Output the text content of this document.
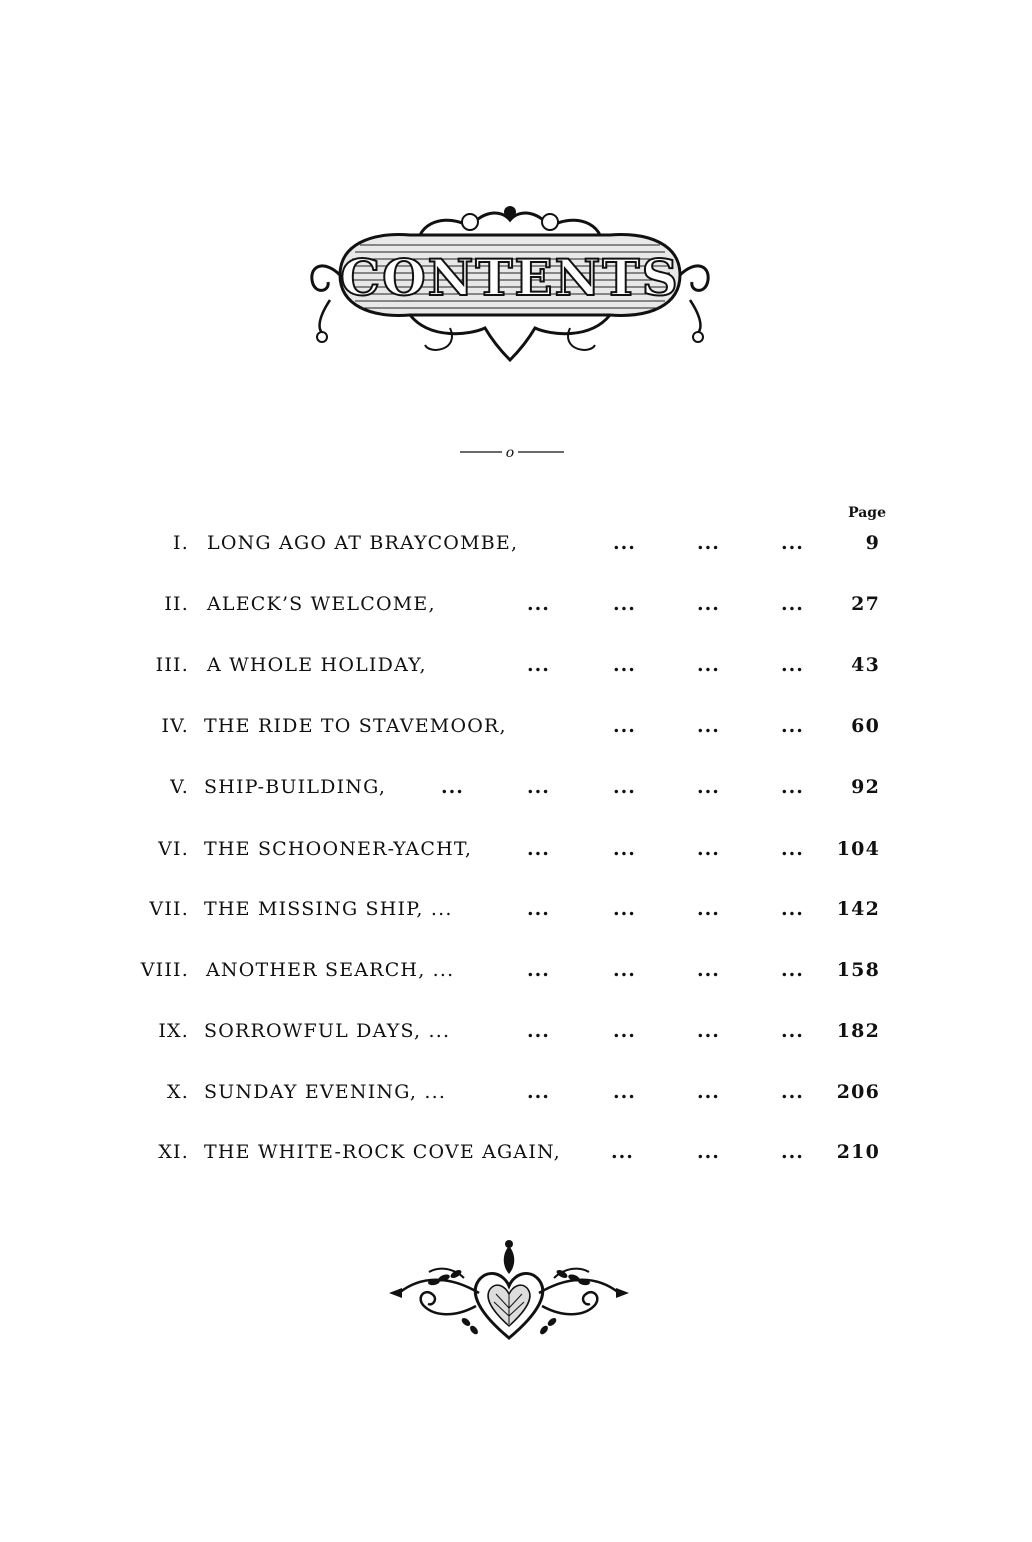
CONTENTS
o
Page
I. LONG AGO AT BRAYCOMBE,	...	...	...	9
II. ALECK’S WELCOME,	...	...	...	...	27
III. A WHOLE HOLIDAY,	...	...	...	...	43
IV. THE RIDE TO STAVEMOOR,	...	...	...	60
V. SHIP-BUILDING,	...	...	...	...	...	92
VI. THE SCHOONER-YACHT,	...	...	...	...	104
VII. THE MISSING SHIP, ...	...	...	...	...	142
VIII. ANOTHER SEARCH, ...	...	...	...	...	158
IX. SORROWFUL DAYS, ...	...	...	...	...	182
X. SUNDAY EVENING, ...	...	...	...	...	206
XI. THE WHITE-ROCK COVE AGAIN,	...	...	...	210
